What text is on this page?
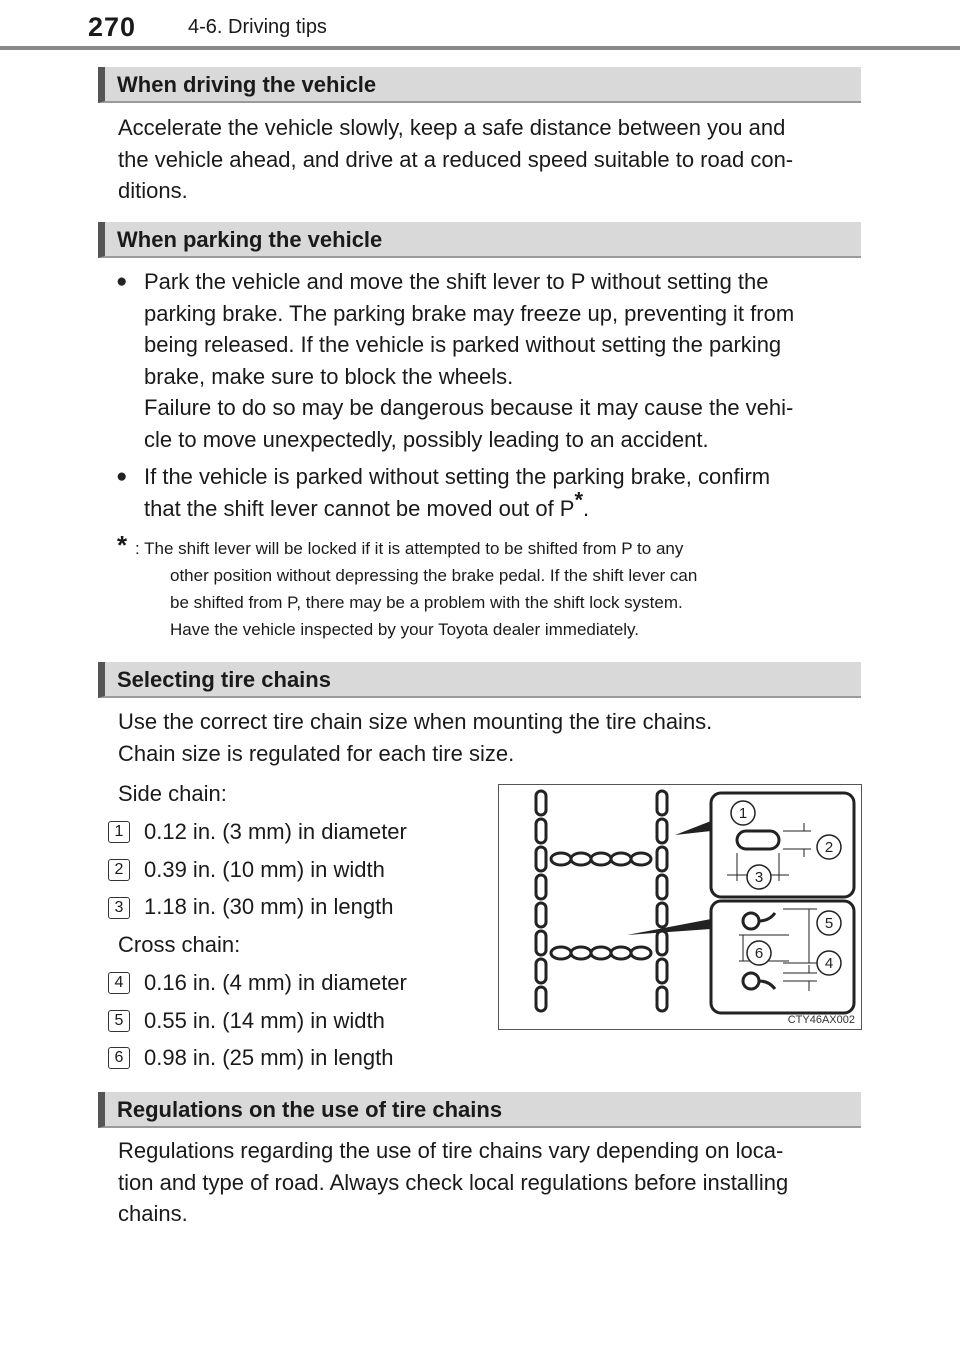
270	4-6. Driving tips
When driving the vehicle
Accelerate the vehicle slowly, keep a safe distance between you and
the vehicle ahead, and drive at a reduced speed suitable to road con-
ditions.
When parking the vehicle
● Park the vehicle and move the shift lever to P without setting the
parking brake. The parking brake may freeze up, preventing it from
being released. If the vehicle is parked without setting the parking
brake, make sure to block the wheels.
Failure to do so may be dangerous because it may cause the vehi-
cle to move unexpectedly, possibly leading to an accident.
● If the vehicle is parked without setting the parking brake, confirm
that the shift lever cannot be moved out of P*.
* : The shift lever will be locked if it is attempted to be shifted from P to any
other position without depressing the brake pedal. If the shift lever can
be shifted from P, there may be a problem with the shift lock system.
Have the vehicle inspected by your Toyota dealer immediately.
Selecting tire chains
Use the correct tire chain size when mounting the tire chains.
Chain size is regulated for each tire size.
Side chain:
1 0.12 in. (3 mm) in diameter
2 0.39 in. (10 mm) in width
3 1.18 in. (30 mm) in length
Cross chain:
4 0.16 in. (4 mm) in diameter
5 0.55 in. (14 mm) in width
6 0.98 in. (25 mm) in length
1
2
3
4
5
6
CTY46AX002
Regulations on the use of tire chains
Regulations regarding the use of tire chains vary depending on loca-
tion and type of road. Always check local regulations before installing
chains.
